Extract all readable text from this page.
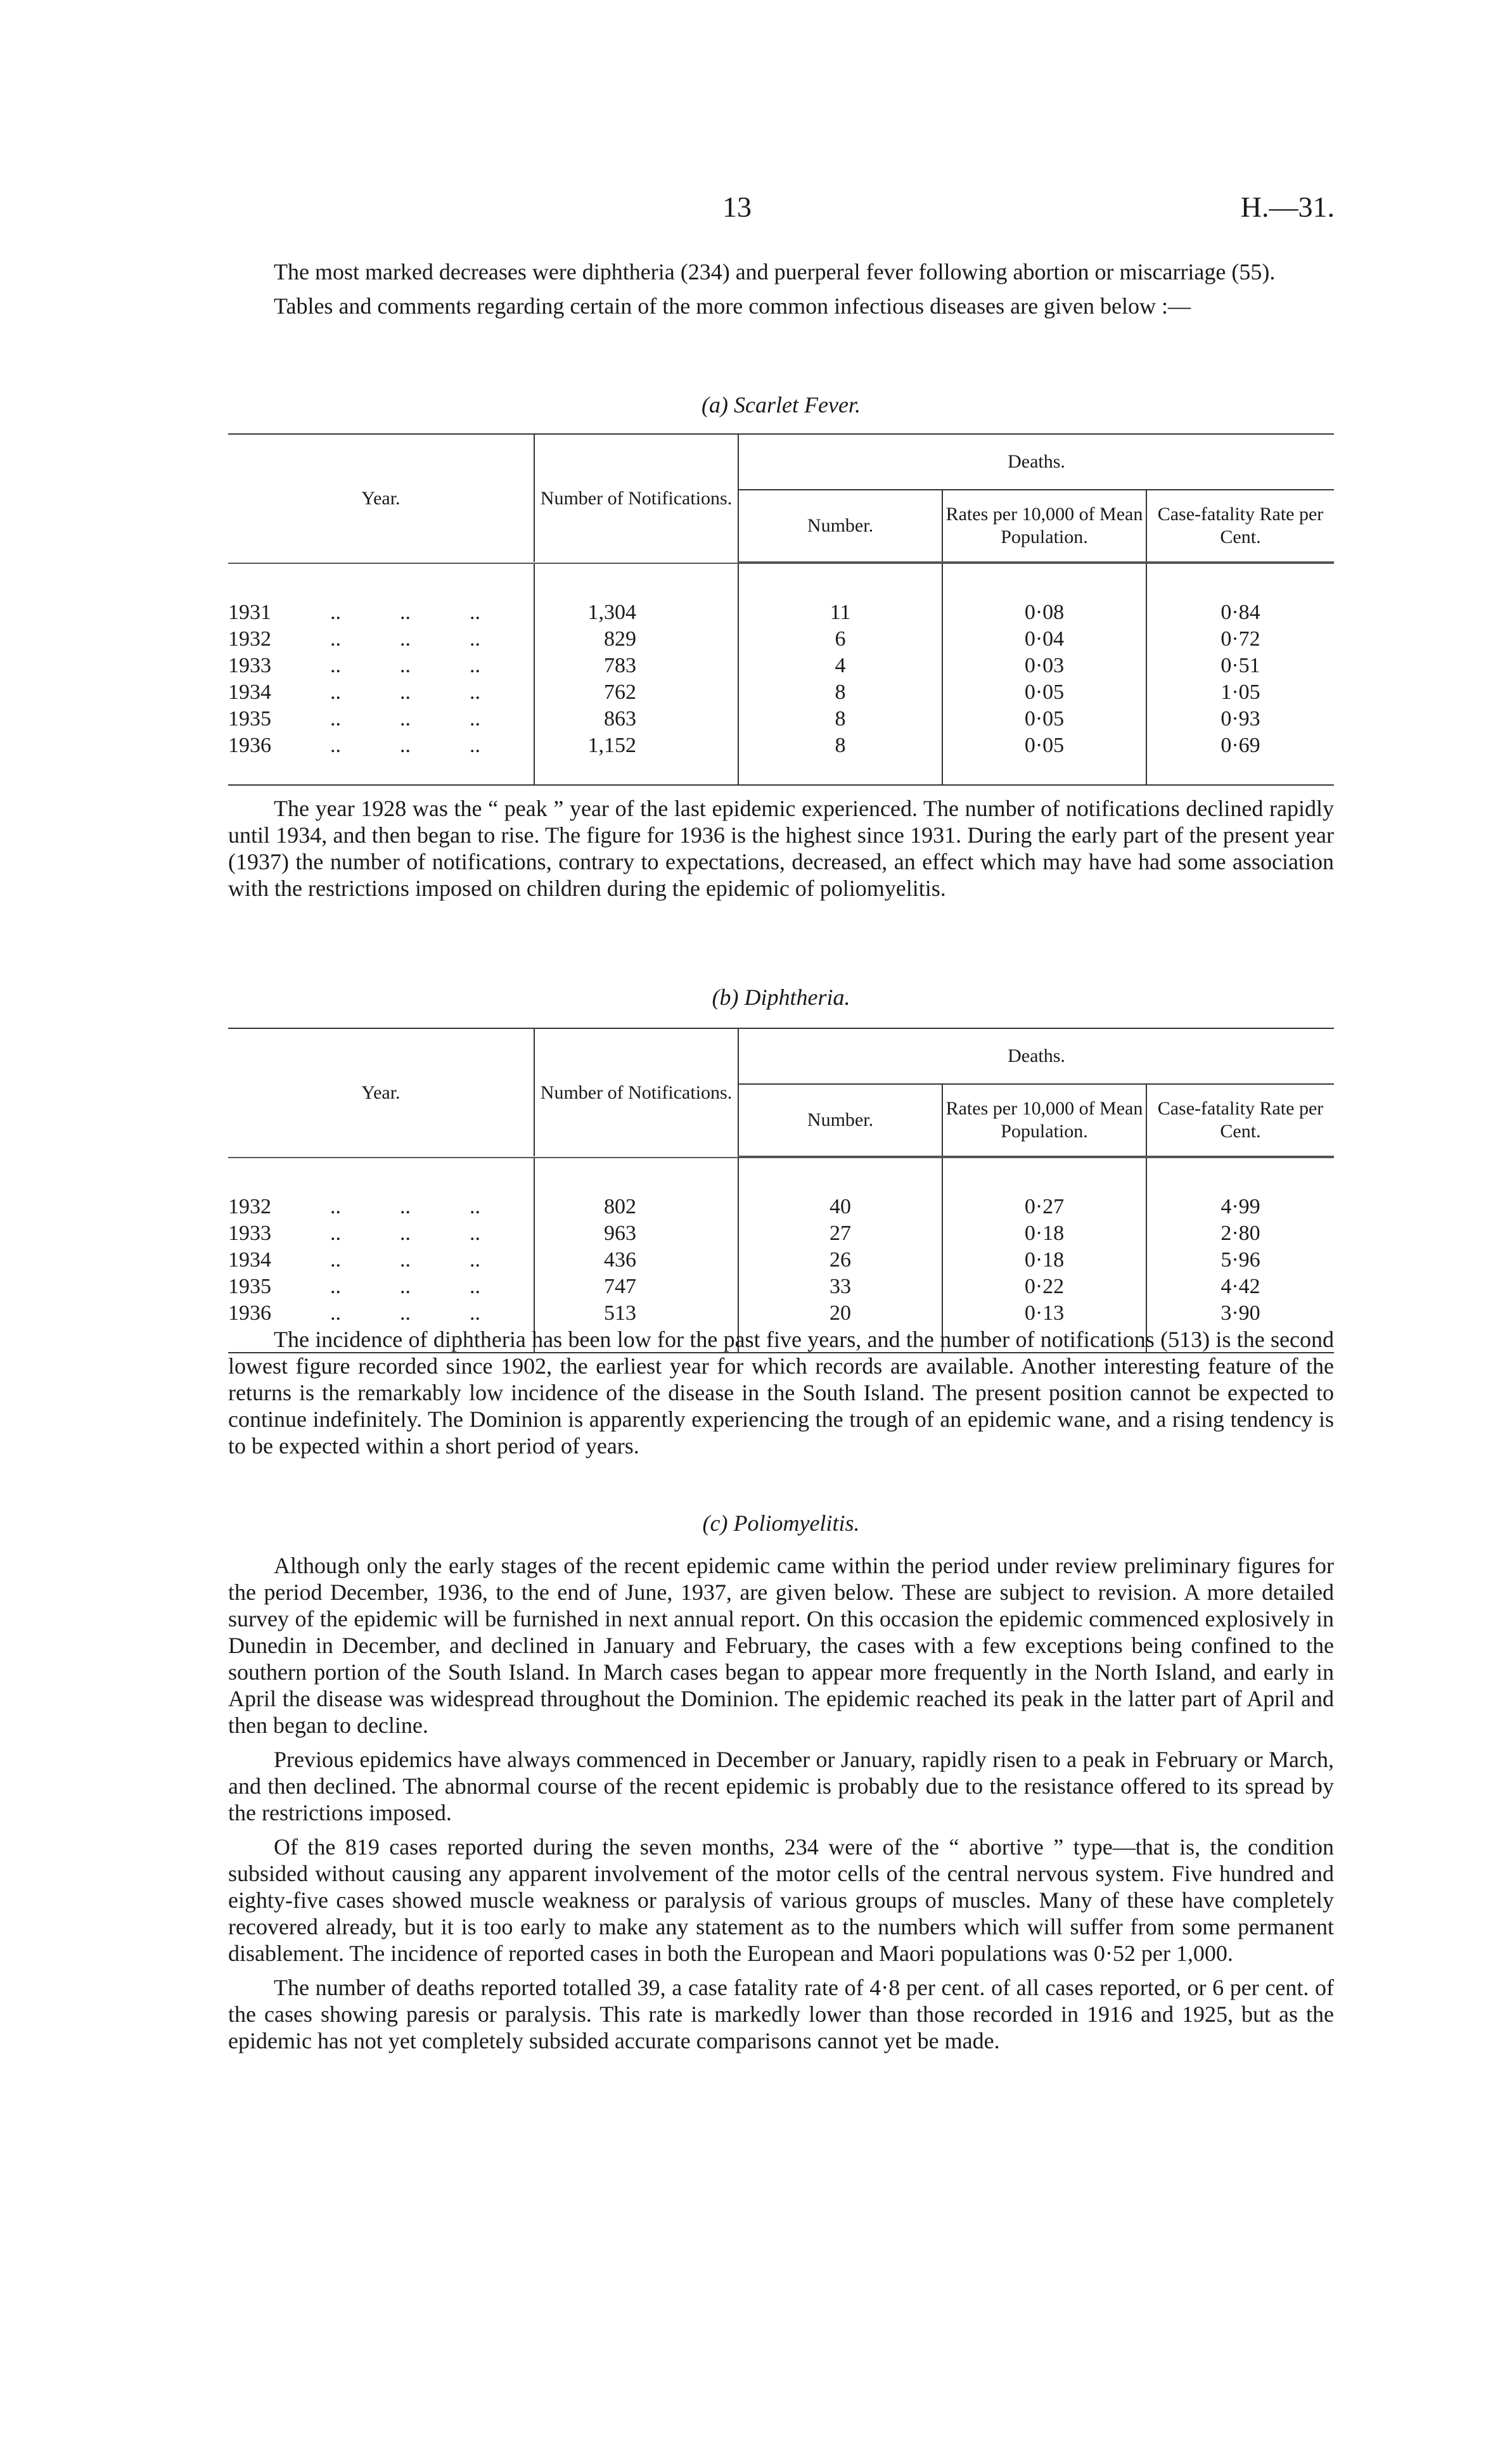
13	H.—31.

The most marked decreases were diphtheria (234) and puerperal fever following abortion or miscarriage (55).

Tables and comments regarding certain of the more common infectious diseases are given below :—

(a) Scarlet Fever.
Year.	Number of Notifications.	Deaths.		
		Number.	Rates per 10,000 of Mean Population.	Case-fatality Rate per Cent.

1931 .. .. ..	1,304	11	0·08	0·84
1932 .. .. ..	829	6	0·04	0·72
1933 .. .. ..	783	4	0·03	0·51
1934 .. .. ..	762	8	0·05	1·05
1935 .. .. ..	863	8	0·05	0·93
1936 .. .. ..	1,152	8	0·05	0·69

The year 1928 was the “ peak ” year of the last epidemic experienced. The number of notifications declined rapidly until 1934, and then began to rise. The figure for 1936 is the highest since 1931. During the early part of the present year (1937) the number of notifications, contrary to expectations, decreased, an effect which may have had some association with the restrictions imposed on children during the epidemic of poliomyelitis.

(b) Diphtheria.
Year.	Number of Notifications.	Deaths.		
		Number.	Rates per 10,000 of Mean Population.	Case-fatality Rate per Cent.

1932 .. .. ..	802	40	0·27	4·99
1933 .. .. ..	963	27	0·18	2·80
1934 .. .. ..	436	26	0·18	5·96
1935 .. .. ..	747	33	0·22	4·42
1936 .. .. ..	513	20	0·13	3·90

The incidence of diphtheria has been low for the past five years, and the number of notifications (513) is the second lowest figure recorded since 1902, the earliest year for which records are available. Another interesting feature of the returns is the remarkably low incidence of the disease in the South Island. The present position cannot be expected to continue indefinitely. The Dominion is apparently experiencing the trough of an epidemic wane, and a rising tendency is to be expected within a short period of years.

(c) Poliomyelitis.

Although only the early stages of the recent epidemic came within the period under review preliminary figures for the period December, 1936, to the end of June, 1937, are given below. These are subject to revision. A more detailed survey of the epidemic will be furnished in next annual report. On this occasion the epidemic commenced explosively in Dunedin in December, and declined in January and February, the cases with a few exceptions being confined to the southern portion of the South Island. In March cases began to appear more frequently in the North Island, and early in April the disease was widespread throughout the Dominion. The epidemic reached its peak in the latter part of April and then began to decline.

Previous epidemics have always commenced in December or January, rapidly risen to a peak in February or March, and then declined. The abnormal course of the recent epidemic is probably due to the resistance offered to its spread by the restrictions imposed.

Of the 819 cases reported during the seven months, 234 were of the “ abortive ” type—that is, the condition subsided without causing any apparent involvement of the motor cells of the central nervous system. Five hundred and eighty-five cases showed muscle weakness or paralysis of various groups of muscles. Many of these have completely recovered already, but it is too early to make any statement as to the numbers which will suffer from some permanent disablement. The incidence of reported cases in both the European and Maori populations was 0·52 per 1,000.

The number of deaths reported totalled 39, a case fatality rate of 4·8 per cent. of all cases reported, or 6 per cent. of the cases showing paresis or paralysis. This rate is markedly lower than those recorded in 1916 and 1925, but as the epidemic has not yet completely subsided accurate comparisons cannot yet be made.
